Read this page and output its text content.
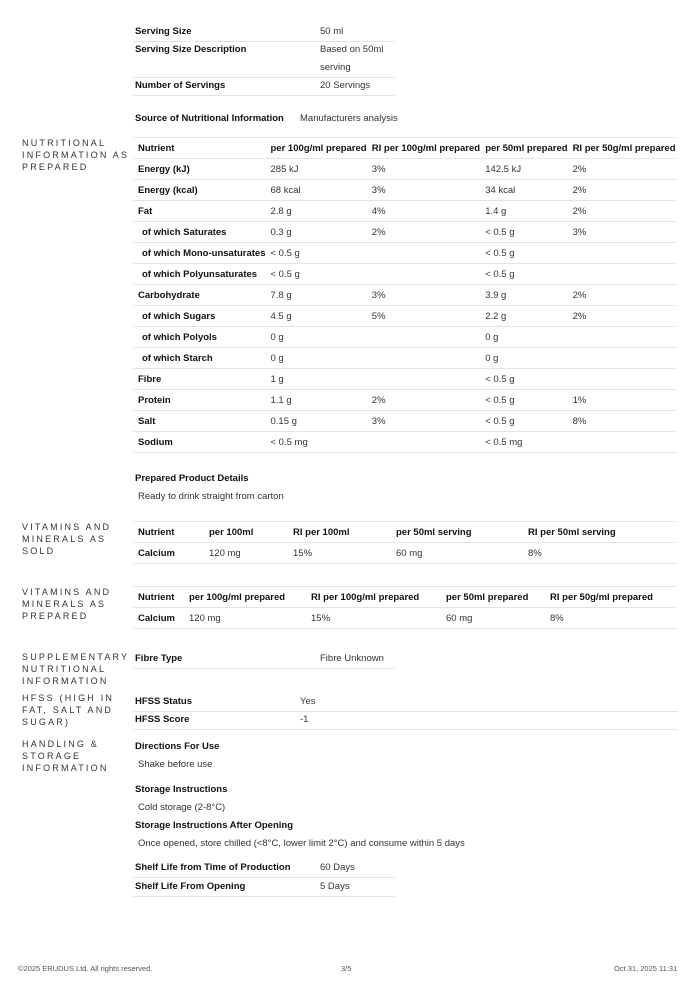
Serving Size	50 ml
Serving Size Description	Based on 50ml
serving
Number of Servings	20 Servings
Source of Nutritional Information Manufacturers analysis
NUTRITIONAL INFORMATION AS PREPARED
Nutrient	per 100g/ml prepared	RI per 100g/ml prepared	per 50ml prepared	RI per 50g/ml prepared
Energy (kJ)	285 kJ	3%	142.5 kJ	2%
Energy (kcal)	68 kcal	3%	34 kcal	2%
Fat	2.8 g	4%	1.4 g	2%
of which Saturates	0.3 g	2%	< 0.5 g	3%
of which Mono-unsaturates	< 0.5 g		< 0.5 g	
of which Polyunsaturates	< 0.5 g		< 0.5 g	
Carbohydrate	7.8 g	3%	3.9 g	2%
of which Sugars	4.5 g	5%	2.2 g	2%
of which Polyols	0 g		0 g	
of which Starch	0 g		0 g	
Fibre	1 g		< 0.5 g	
Protein	1.1 g	2%	< 0.5 g	1%
Salt	0.15 g	3%	< 0.5 g	8%
Sodium	< 0.5 mg		< 0.5 mg	
Prepared Product Details
Ready to drink straight from carton
VITAMINS AND MINERALS AS SOLD
Nutrient	per 100ml	RI per 100ml	per 50ml serving	RI per 50ml serving
Calcium	120 mg	15%	60 mg	8%
VITAMINS AND MINERALS AS PREPARED
Nutrient	per 100g/ml prepared	RI per 100g/ml prepared	per 50ml prepared	RI per 50g/ml prepared
Calcium	120 mg	15%	60 mg	8%
SUPPLEMENTARY NUTRITIONAL INFORMATION
Fibre Type	Fibre Unknown
HFSS (HIGH IN FAT, SALT AND SUGAR)
HFSS Status	Yes
HFSS Score	-1
HANDLING & STORAGE INFORMATION
Directions For Use
Shake before use
Storage Instructions
Cold storage (2-8°C)
Storage Instructions After Opening
Once opened, store chilled (<8°C, lower limit 2°C) and consume within 5 days
Shelf Life from Time of Production	60 Days
Shelf Life From Opening	5 Days
©2025 ERUDUS Ltd. All rights reserved.	3/5	Oct 31, 2025 11:31
